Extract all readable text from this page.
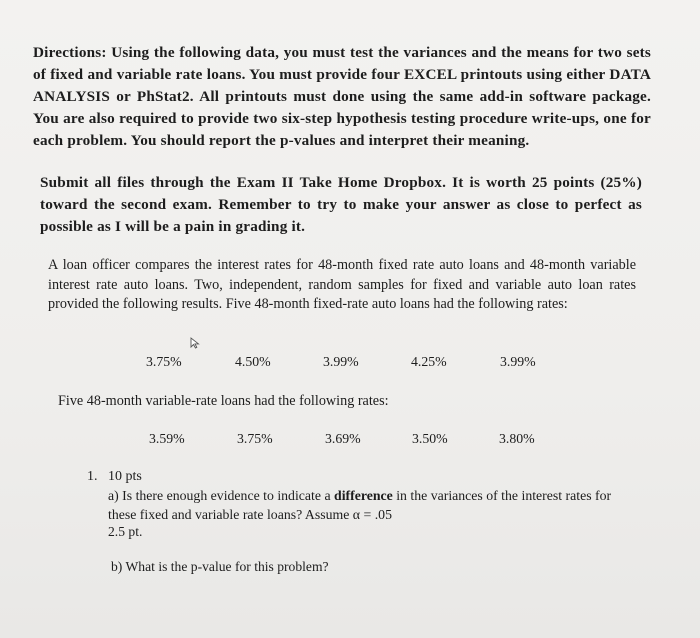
Directions: Using the following data, you must test the variances and the means for two sets of fixed and variable rate loans. You must provide four EXCEL printouts using either DATA ANALYSIS or PhStat2. All printouts must done using the same add-in software package. You are also required to provide two six-step hypothesis testing procedure write-ups, one for each problem. You should report the p-values and interpret their meaning.

Submit all files through the Exam II Take Home Dropbox. It is worth 25 points (25%) toward the second exam. Remember to try to make your answer as close to perfect as possible as I will be a pain in grading it.

A loan officer compares the interest rates for 48-month fixed rate auto loans and 48-month variable interest rate auto loans. Two, independent, random samples for fixed and variable auto loan rates provided the following results. Five 48-month fixed-rate auto loans had the following rates:

3.75%	4.50%	3.99%	4.25%	3.99%
Five 48-month variable-rate loans had the following rates:
3.59%	3.75%	3.69%	3.50%	3.80%
1. 10 pts

a) Is there enough evidence to indicate a difference in the variances of the interest rates for these fixed and variable rate loans? Assume α = .05

2.5 pt.
b) What is the p-value for this problem?
